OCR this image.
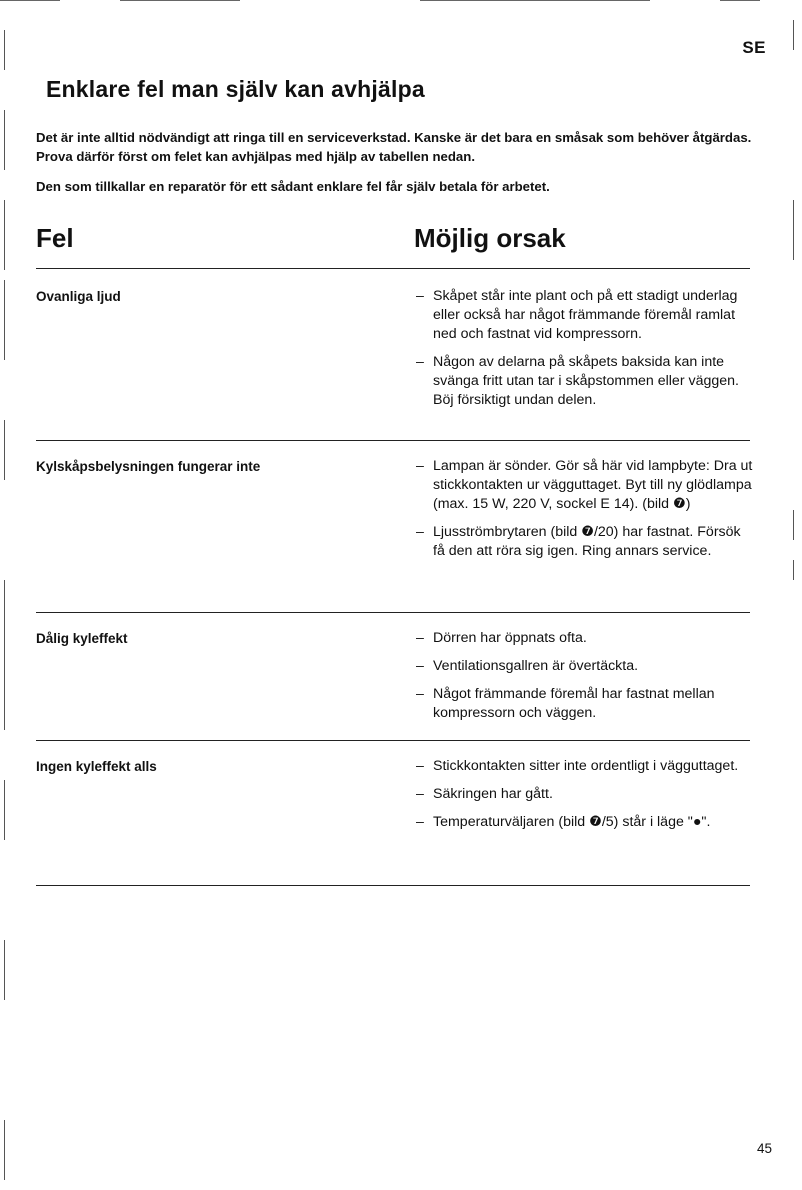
SE
Enklare fel man själv kan avhjälpa

Det är inte alltid nödvändigt att ringa till en serviceverkstad. Kanske är det bara en småsak som behöver åtgärdas. Prova därför först om felet kan avhjälpas med hjälp av tabellen nedan.

Den som tillkallar en reparatör för ett sådant enklare fel får själv betala för arbetet.

Fel	Möjlig orsak
Ovanliga ljud	– Skåpet står inte plant och på ett stadigt underlag eller också har något främmande föremål ramlat ned och fastnat vid kompressorn.
– Någon av delarna på skåpets baksida kan inte svänga fritt utan tar i skåpstommen eller väggen. Böj försiktigt undan delen.
Kylskåpsbelysningen fungerar inte	– Lampan är sönder. Gör så här vid lampbyte: Dra ut stickkontakten ur vägguttaget. Byt till ny glödlampa (max. 15 W, 220 V, sockel E 14). (bild ❼)
– Ljusströmbrytaren (bild ❼/20) har fastnat. Försök få den att röra sig igen. Ring annars service.
Dålig kyleffekt	– Dörren har öppnats ofta.
– Ventilationsgallren är övertäckta.
– Något främmande föremål har fastnat mellan kompressorn och väggen.
Ingen kyleffekt alls	– Stickkontakten sitter inte ordentligt i vägguttaget.
– Säkringen har gått.
– Temperaturväljaren (bild ❼/5) står i läge "●".
45
